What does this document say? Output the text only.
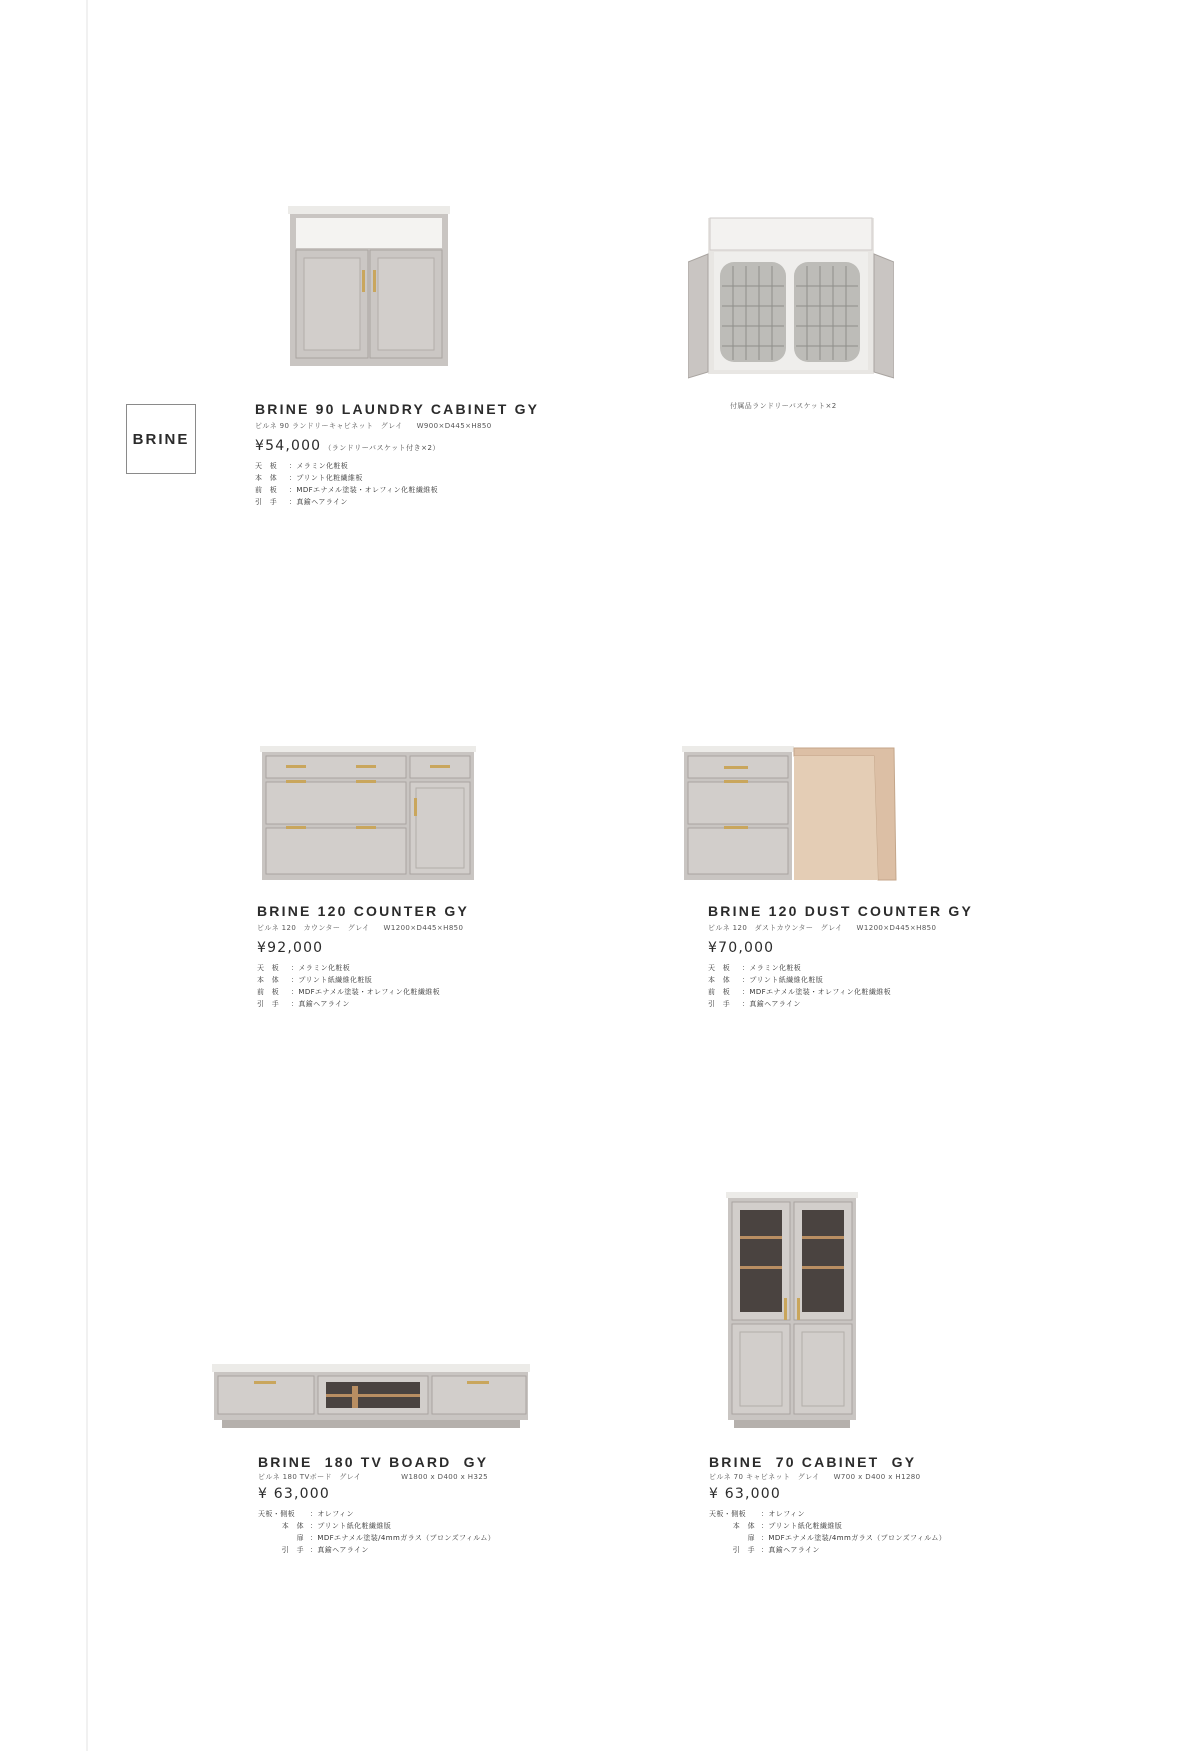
BRINE
付属品ランドリーバスケット×2
BRINE 90 LAUNDRY CABINET GY
ビルネ 90 ランドリーキャビネット　グレイ W900×D445×H850
¥54,000 （ランドリーバスケット付き×2）
天　板	：メラミン化粧板
本　体	：プリント化粧繊維板
前　板	：MDFエナメル塗装・オレフィン化粧繊維板
引　手	：真鍮ヘアライン
BRINE 120 COUNTER GY
ビルネ 120　カウンター　グレイ W1200×D445×H850
¥92,000
天　板	：メラミン化粧板
本　体	：プリント紙繊維化粧版
前　板	：MDFエナメル塗装・オレフィン化粧繊維板
引　手	：真鍮ヘアライン
BRINE 120 DUST COUNTER GY
ビルネ 120　ダストカウンター　グレイ W1200×D445×H850
¥70,000
天　板	：メラミン化粧板
本　体	：プリント紙繊維化粧版
前　板	：MDFエナメル塗装・オレフィン化粧繊維板
引　手	：真鍮ヘアライン
BRINE  180 TV BOARD  GY
ビルネ 180 TVボード　グレイ	W1800 x D400 x H325
¥ 63,000
天板・側板	：オレフィン
本　体 ：プリント紙化粧繊維版
扉 ：MDFエナメル塗装/4mmガラス（ブロンズフィルム）
引　手 ：真鍮ヘアライン
BRINE  70 CABINET  GY
ビルネ 70 キャビネット　グレイ W700 x D400 x H1280
¥ 63,000
天板・側板	：オレフィン
本　体 ：プリント紙化粧繊維版
扉 ：MDFエナメル塗装/4mmガラス（ブロンズフィルム）
引　手 ：真鍮ヘアライン
